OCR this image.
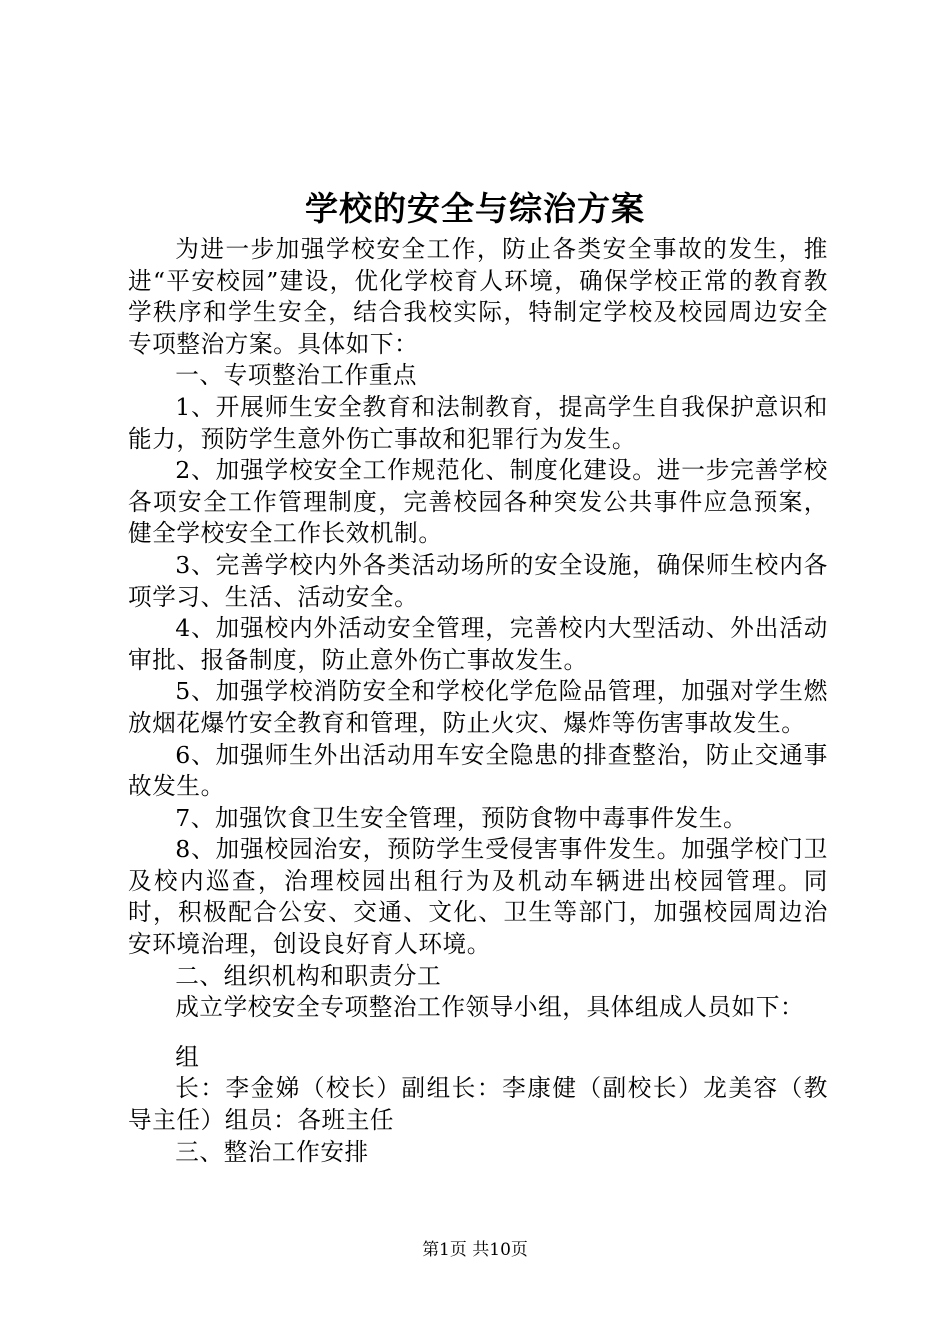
学校的安全与综治方案

为进一步加强学校安全工作，防止各类安全事故的发生，推进“平安校园”建设，优化学校育人环境，确保学校正常的教育教学秩序和学生安全，结合我校实际，特制定学校及校园周边安全专项整治方案。具体如下：

一、专项整治工作重点

1、开展师生安全教育和法制教育，提高学生自我保护意识和能力，预防学生意外伤亡事故和犯罪行为发生。

2、加强学校安全工作规范化、制度化建设。进一步完善学校各项安全工作管理制度，完善校园各种突发公共事件应急预案，健全学校安全工作长效机制。

3、完善学校内外各类活动场所的安全设施，确保师生校内各项学习、生活、活动安全。

4、加强校内外活动安全管理，完善校内大型活动、外出活动审批、报备制度，防止意外伤亡事故发生。

5、加强学校消防安全和学校化学危险品管理，加强对学生燃放烟花爆竹安全教育和管理，防止火灾、爆炸等伤害事故发生。

6、加强师生外出活动用车安全隐患的排查整治，防止交通事故发生。

7、加强饮食卫生安全管理，预防食物中毒事件发生。

8、加强校园治安，预防学生受侵害事件发生。加强学校门卫及校内巡查，治理校园出租行为及机动车辆进出校园管理。同时，积极配合公安、交通、文化、卫生等部门，加强校园周边治安环境治理，创设良好育人环境。

二、组织机构和职责分工

成立学校安全专项整治工作领导小组，具体组成人员如下：

组

长：李金娣（校长）副组长：李康健（副校长）龙美容（教导主任）组员：各班主任

三、整治工作安排

第1页 共10页
